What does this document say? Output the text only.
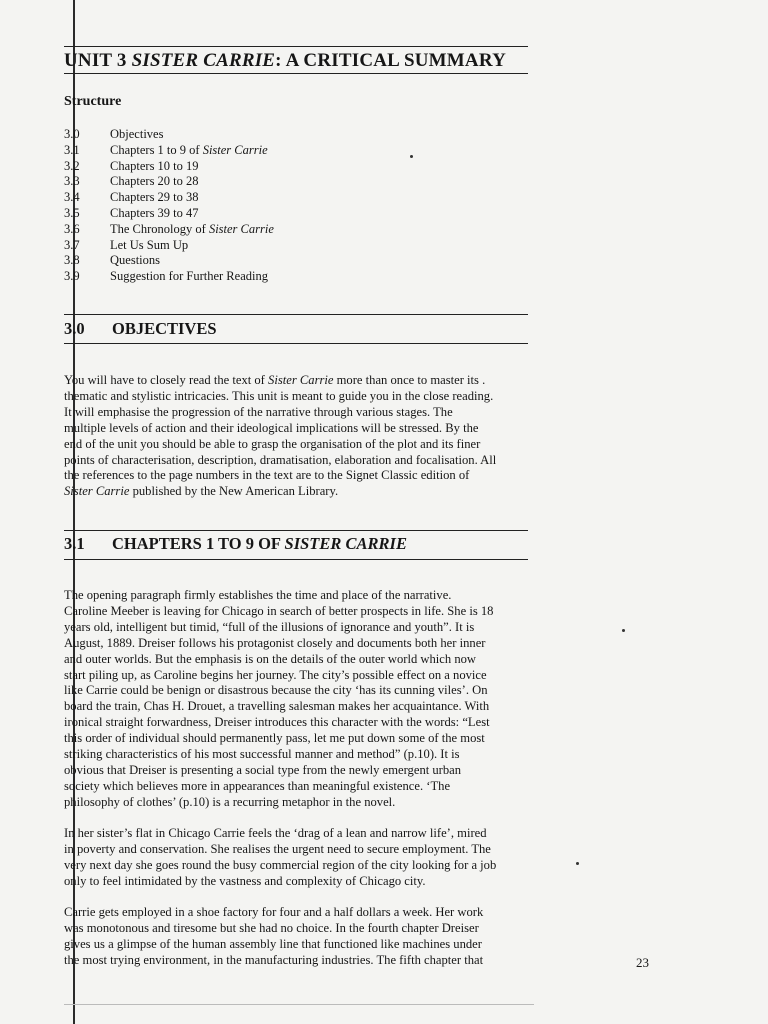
UNIT 3 SISTER CARRIE: A CRITICAL SUMMARY
Structure
3.0	Objectives
3.1	Chapters 1 to 9 of Sister Carrie
3.2	Chapters 10 to 19
3.3	Chapters 20 to 28
3.4	Chapters 29 to 38
3.5	Chapters 39 to 47
3.6	The Chronology of Sister Carrie
3.7	Let Us Sum Up
3.8	Questions
3.9	Suggestion for Further Reading
3.0 OBJECTIVES
You will have to closely read the text of Sister Carrie more than once to master its .
thematic and stylistic intricacies. This unit is meant to guide you in the close reading.
It will emphasise the progression of the narrative through various stages. The
multiple levels of action and their ideological implications will be stressed. By the
end of the unit you should be able to grasp the organisation of the plot and its finer
points of characterisation, description, dramatisation, elaboration and focalisation. All
the references to the page numbers in the text are to the Signet Classic edition of
Sister Carrie published by the New American Library.
3.1 CHAPTERS 1 TO 9 OF SISTER CARRIE
The opening paragraph firmly establishes the time and place of the narrative.
Caroline Meeber is leaving for Chicago in search of better prospects in life. She is 18
years old, intelligent but timid, “full of the illusions of ignorance and youth”. It is
August, 1889. Dreiser follows his protagonist closely and documents both her inner
and outer worlds. But the emphasis is on the details of the outer world which now
start piling up, as Caroline begins her journey. The city’s possible effect on a novice
like Carrie could be benign or disastrous because the city ‘has its cunning viles’. On
board the train, Chas H. Drouet, a travelling salesman makes her acquaintance. With
ironical straight forwardness, Dreiser introduces this character with the words: “Lest
this order of individual should permanently pass, let me put down some of the most
striking characteristics of his most successful manner and method” (p.10). It is
obvious that Dreiser is presenting a social type from the newly emergent urban
society which believes more in appearances than meaningful existence. ‘The
philosophy of clothes’ (p.10) is a recurring metaphor in the novel.
In her sister’s flat in Chicago Carrie feels the ‘drag of a lean and narrow life’, mired
in poverty and conservation. She realises the urgent need to secure employment. The
very next day she goes round the busy commercial region of the city looking for a job
only to feel intimidated by the vastness and complexity of Chicago city.
Carrie gets employed in a shoe factory for four and a half dollars a week. Her work
was monotonous and tiresome but she had no choice. In the fourth chapter Dreiser
gives us a glimpse of the human assembly line that functioned like machines under
the most trying environment, in the manufacturing industries. The fifth chapter that	23
